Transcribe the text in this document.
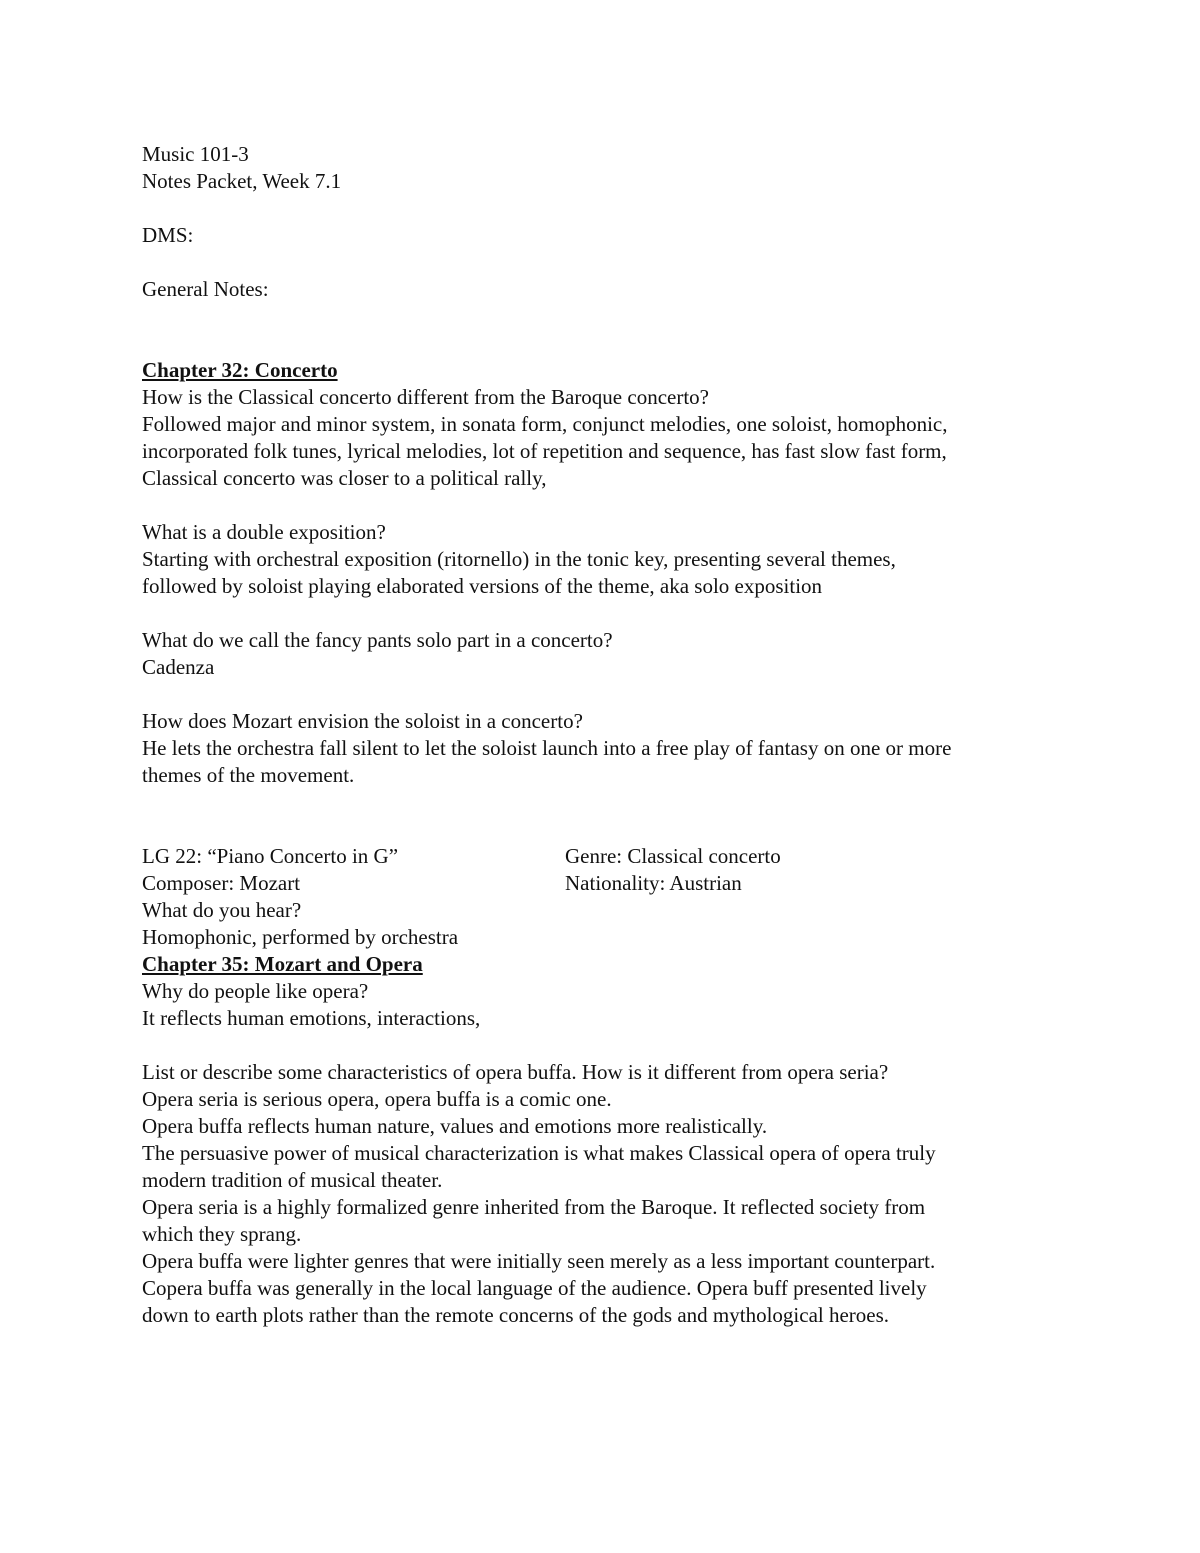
Music 101-3
Notes Packet, Week 7.1
DMS:
General Notes:
Chapter 32: Concerto
How is the Classical concerto different from the Baroque concerto?
Followed major and minor system, in sonata form, conjunct melodies, one soloist, homophonic,
incorporated folk tunes, lyrical melodies, lot of repetition and sequence, has fast slow fast form,
Classical concerto was closer to a political rally,
What is a double exposition?
Starting with orchestral exposition (ritornello) in the tonic key, presenting several themes,
followed by soloist playing elaborated versions of the theme, aka solo exposition
What do we call the fancy pants solo part in a concerto?
Cadenza
How does Mozart envision the soloist in a concerto?
He lets the orchestra fall silent to let the soloist launch into a free play of fantasy on one or more
themes of the movement.
LG 22: “Piano Concerto in G”	Genre: Classical concerto
Composer: Mozart	Nationality: Austrian
What do you hear?
Homophonic, performed by orchestra
Chapter 35: Mozart and Opera
Why do people like opera?
It reflects human emotions, interactions,
List or describe some characteristics of opera buffa. How is it different from opera seria?
Opera seria is serious opera, opera buffa is a comic one.
Opera buffa reflects human nature, values and emotions more realistically.
The persuasive power of musical characterization is what makes Classical opera of opera truly
modern tradition of musical theater.
Opera seria is a highly formalized genre inherited from the Baroque. It reflected society from
which they sprang.
Opera buffa were lighter genres that were initially seen merely as a less important counterpart.
Copera buffa was generally in the local language of the audience. Opera buff presented lively
down to earth plots rather than the remote concerns of the gods and mythological heroes.
